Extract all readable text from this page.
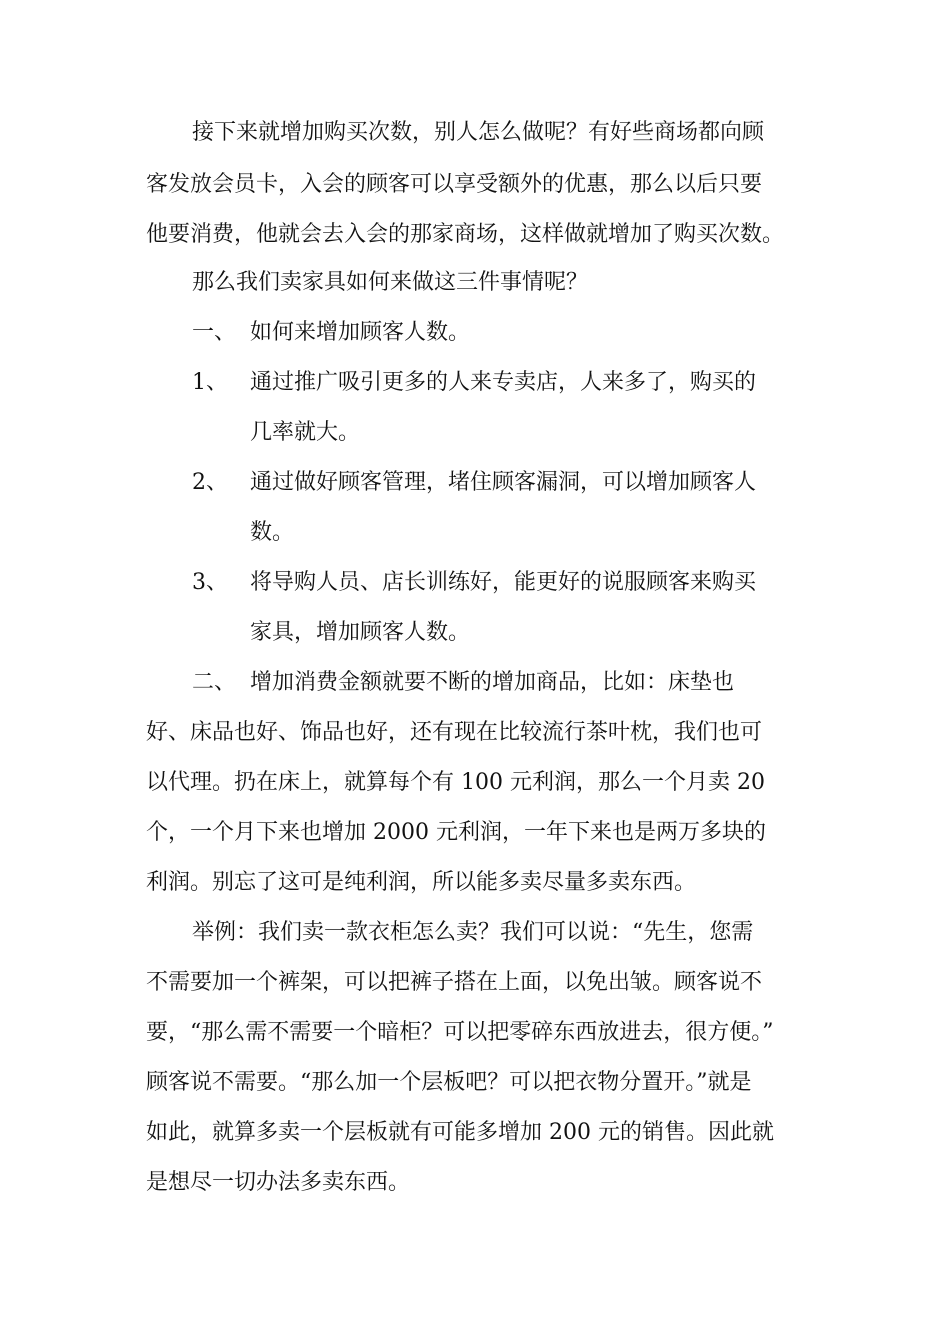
接下来就增加购买次数，别人怎么做呢？有好些商场都向顾
客发放会员卡，入会的顾客可以享受额外的优惠，那么以后只要
他要消费，他就会去入会的那家商场，这样做就增加了购买次数。
那么我们卖家具如何来做这三件事情呢？
一、 如何来增加顾客人数。
1、 通过推广吸引更多的人来专卖店，人来多了，购买的
几率就大。
2、 通过做好顾客管理，堵住顾客漏洞，可以增加顾客人
数。
3、 将导购人员、店长训练好，能更好的说服顾客来购买
家具，增加顾客人数。
二、 增加消费金额就要不断的增加商品，比如：床垫也
好、床品也好、饰品也好，还有现在比较流行茶叶枕，我们也可
以代理。扔在床上，就算每个有 100 元利润，那么一个月卖 20
个，一个月下来也增加 2000 元利润，一年下来也是两万多块的
利润。别忘了这可是纯利润，所以能多卖尽量多卖东西。
举例：我们卖一款衣柜怎么卖？我们可以说：“先生，您需
不需要加一个裤架，可以把裤子搭在上面，以免出皱。顾客说不
要，“那么需不需要一个暗柜？可以把零碎东西放进去，很方便。”
顾客说不需要。“那么加一个层板吧？可以把衣物分置开。”就是
如此，就算多卖一个层板就有可能多增加 200 元的销售。因此就
是想尽一切办法多卖东西。
